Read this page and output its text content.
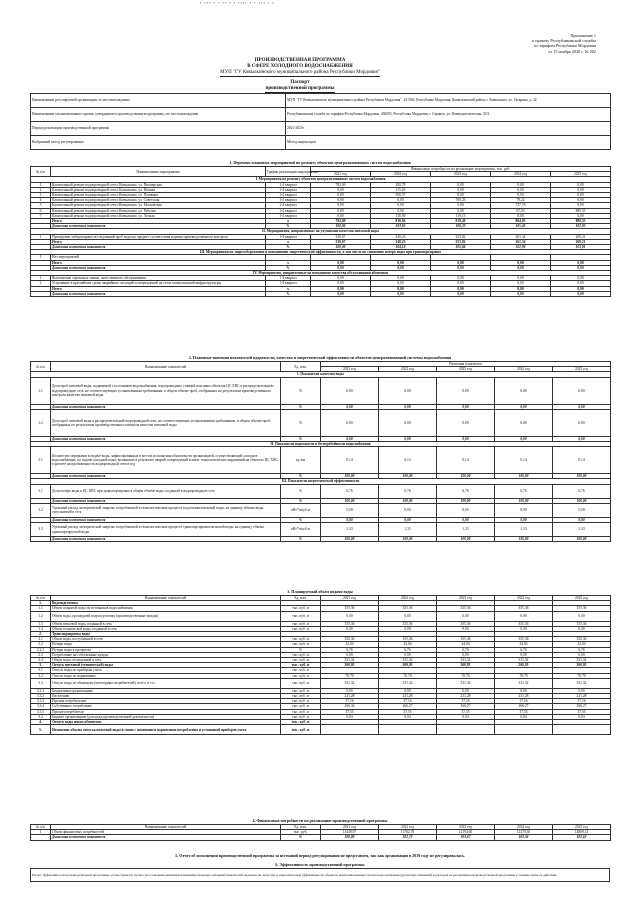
▪ ▪▪▪ ▪ ▪ ▪▪ ▪ ▪ ▪▪▪▪ ▪ ▪ ▪▪▪ ▪ ▪
Приложение 1
к приказу Республиканской службы
по тарифам Республики Мордовия
от 15 ноября 2020 г. № 202
ПРОИЗВОДСТВЕННАЯ ПРОГРАММА
В СФЕРЕ ХОЛОДНОГО ВОДОСНАБЖЕНИЯ
МУП "ГУ Ковылкинского муниципального района Республики Мордовия"
Паспорт
производственной программы
Наименование регулируемой организации, ее местонахождение	МУП "ГУ Ковылкинского муниципального района Республики Мордовия", 431940, Республика Мордовия, Ковылкинский район, г. Ковылкино, ул. Гагарина, д. 42
Наименование уполномоченного органа, утвердившего производственную программу, его местонахождение	Республиканская служба по тарифам Республики Мордовия, 430005, Республика Мордовия, г. Саранск, ул. Коммунистическая, 33/2
Период реализации производственной программы	2021-2025г.
Выбранный метод регулирования	Метод индексации
1. Перечень плановых мероприятий по ремонту объектов централизованных систем водоснабжения
№ п/п	Наименование мероприятия	График реализации мероприятия	Финансовые потребности на реализацию мероприятия, тыс. руб.				
			2021 год	2022 год	2023 год	2024 год	2025 год
I. Мероприятия по ремонту объектов централизованных систем водоснабжения							
1	Капитальный ремонт водопроводной сети г.Ковылкино, ул. Пионерская	1-4 квартал	792,69	200,78	0,00	0,00	0,00
2	Капитальный ремонт водопроводной сети г.Ковылкино, ул. Южная	1-4 квартал	0,00	115,49	0,00	0,00	0,00
3	Капитальный ремонт водопроводной сети г.Ковылкино, ул. Пушкина	1-4 квартал	0,00	500,57	0,00	0,00	0,00
4	Капитальный ремонт водопроводной сети г.Ковылкино, ул. Советская	1-4 квартал	0,00	0,00	700,25	79,22	0,00
5	Капитальный ремонт водопроводной сети г.Ковылкино, ул. Московская	1-4 квартал	0,00	0,00	0,00	727,76	0,00
6	Капитальный ремонт водопроводной сети г.Ковылкино, ул. Рабочая	1-4 квартал	0,00	0,00	0,00	67,03	889,55
7	Капитальный ремонт водопроводной сети г.Ковылкино, ул. Лесная	1-4 квартал	0,00	130,00	119,15	0,00	0,00
	Итого	х	792,69	816,84	819,40	864,05	889,55
	Динамика изменения показателя	%	100,00	103,05	100,32	105,45	102,95
II. Мероприятия, направленные на улучшение качества питьевой воды							
1	Проведение лабораторных исследований проб воды на предмет соответствия нормам производственного контроля	1-4 квартал	230,67	240,23	253,82	261,34	269,21
	Итого	х	230,67	240,23	253,82	261,34	269,21
	Динамика изменения показателя	%	100,00	104,14	105,66	102,96	103,01
III. Мероприятия по энергосбережению и повышению энергетической эффективности, в том числе по снижению потерь воды при транспортировке							
1	Нет мероприятий						
	Итого	х	0,00	0,00	0,00	0,00	0,00
	Динамика изменения показателя	%	0,00	0,00	0,00	0,00	0,00
IV. Мероприятия, направленные на повышение качества обслуживания абонентов							
1	Выполнение сервисных заявок, качественного обслуживания	1-4 квартал	0,00	0,00	0,00	0,00	0,00
2	Устранение в кратчайшие сроки аварийных ситуаций и повреждений на сетях коммунальной инфраструктуры	1-4 квартал	0,00	0,00	0,00	0,00	0,00
	Итого	х	0,00	0,00	0,00	0,00	0,00
	Динамика изменения показателя	%	0,00	0,00	0,00	0,00	0,00
2. Плановые значения показателей надежности, качества и энергетической эффективности объектов централизованной системы водоснабжения
№ п/п	Наименование показателей	Ед. изм.	Величина показателя				
			2021 год	2022 год	2023 год	2024 год	2025 год
I. Показатели качества воды							
1.1	Доля проб питьевой воды, подаваемой с источников водоснабжения, водопроводных станций или иных объектов ЦС ХВС в распределительную водопроводную сеть, не соответствующих установленным требованиям, в общем объеме проб, отобранных по результатам производственного контроля качества питьевой воды	%	0,00	0,00	0,00	0,00	0,00
	Динамика изменения показателя	%	0,00	0,00	0,00	0,00	0,00
1.2	Доля проб питьевой воды в распределительной водопроводной сети, не соответствующих установленным требованиям, в общем объеме проб, отобранных по результатам производственного контроля качества питьевой воды	%	0,00	0,00	0,00	0,00	0,00
	Динамика изменения показателя	%	0,00	0,00	0,00	0,00	0,00
II. Показатели надежности и бесперебойности водоснабжения							
2.1	Количество перерывов в подаче воды, зафиксированных в местах исполнения обязательств организацией, осуществляющей холодное водоснабжение, по подаче холодной воды, возникших в результате аварий, повреждений и иных технологических нарушений на объектах ЦС ХВС, в расчете на протяженность водопроводной сети в год	ед./км	0,14	0,14	0,14	0,14	0,14
	Динамика изменения показателя	%	100,00	100,00	100,00	100,00	100,00
III. Показатели энергетической эффективности							
3.1	Доля потерь воды в ЦС ХВС при транспортировке в общем объеме воды, поданной в водопроводную сеть	%	6,76	6,76	6,76	6,76	6,76
	Динамика изменения показателя	%	100,00	100,00	100,00	100,00	100,00
3.2	Удельный расход электрической энергии, потребляемой в технологическом процессе подготовки питьевой воды, на единицу объема воды, отпускаемой в сеть	кВт*ч/куб.м	0,00	0,00	0,00	0,00	0,00
	Динамика изменения показателя	%	0,00	0,00	0,00	0,00	0,00
3.3	Удельный расход электрической энергии, потребляемой в технологическом процессе транспортировки питьевой воды, на единицу объема транспортируемой воды	кВт*ч/куб.м	1,33	1,33	1,33	1,33	1,33
	Динамика изменения показателя	%	100,00	100,00	100,00	100,00	100,00
3. Планируемый объем подачи воды
№ п/п	Наименование показателей	Ед. изм.	2021 год	2022 год	2023 год	2024 год	2025 год
1.	Водоподготовка						
1.1	Объем поднятой воды из источников водоснабжения	тыс. куб. м	355,36	355,36	355,36	355,36	355,36
1.2	Объем воды, прошедшей водоподготовку (производственные нужды)	тыс. куб. м	0,00	0,00	0,00	0,00	0,00
1.3	Объем питьевой воды, поданной в сеть	тыс. куб. м	355,36	355,36	355,36	355,36	355,36
1.4	Объем технической воды, поданной в сеть	тыс. куб. м	0,00	0,00	0,00	0,00	0,00
2.	Транспортировка воды						
2.1	Объем воды, поступившей в сеть	тыс. куб. м	355,36	355,36	355,36	355,36	355,36
2.2	Потери воды	тыс. куб. м	24,04	24,04	24,04	24,04	24,04
2.2.1	Потери воды в процентах	%	6,76	6,76	6,76	6,76	6,76
2.3	Потребление на собственные нужды	тыс. куб. м	0,00	0,00	0,00	0,00	0,00
2.4	Объем воды, отпущенной в сеть	тыс. куб. м	331,32	331,32	331,32	331,32	331,32
3.	Отпуск питьевой (технической) воды	тыс. куб. м	260,03	260,03	260,03	260,03	260,03
3.1	Отпуск воды по приборам учета	тыс. куб. м					
3.2	Отпуск воды по нормативам	тыс. куб. м	70,70	70,70	70,70	70,70	70,70
3.3	Отпуск воды по абонентам (категориям потребителей), всего, в т.ч.:	тыс. куб. м	331,32	331,32	331,32	331,32	331,32
3.3.1	Бюджетным организациям	тыс. куб. м	0,00	0,00	0,00	0,00	0,00
3.3.2	Населению	тыс. куб. м	231,28	231,28	231,28	231,28	231,28
3.3.3	Прочим потребителям	тыс. куб. м	37,16	37,16	37,16	37,16	37,16
3.3.4	Собственное потребление	тыс. куб. м	266,36	266,27	266,27	266,27	266,27
3.3.5	Прочие потребители	тыс. куб. м	37,55	37,55	37,55	37,55	37,55
3.4	Бюджет организациям (для нужд производственной деятельности)	тыс. куб. м	0,04	0,04	0,04	0,04	0,04
4.	Отпуск воды иным абонентам	тыс. куб. м					
5.	Изменение объема отпуска питьевой воды в связи с изменением нормативов потребления и установкой приборов учета	тыс. куб. м					
4. Финансовые потребности на реализацию производственной программы
№ п/п	Наименование показателей	Ед. изм.	2021 год	2022 год	2023 год	2024 год	2025 год
1	Объем финансовых потребностей	тыс. руб.	11449,97	11762,78	12194,60	12479,36	12808,14
	Динамика изменения показателя	%	100,00	102,73	103,67	102,34	102,63
5. Отчет об исполнении производственной программы за истекший период регулирования не представлен, так как организация в 2019 году не регулировалась.
6. Эффективность производственной программы
Расчет эффективности производственной программы осуществляется путем сопоставления динамики изменения плановых значений показателей надежности, качества и энергетической эффективности объектов централизованных систем водоснабжения (расчетных значений) и расходов на реализацию производственной программы в течение срока ее действия
